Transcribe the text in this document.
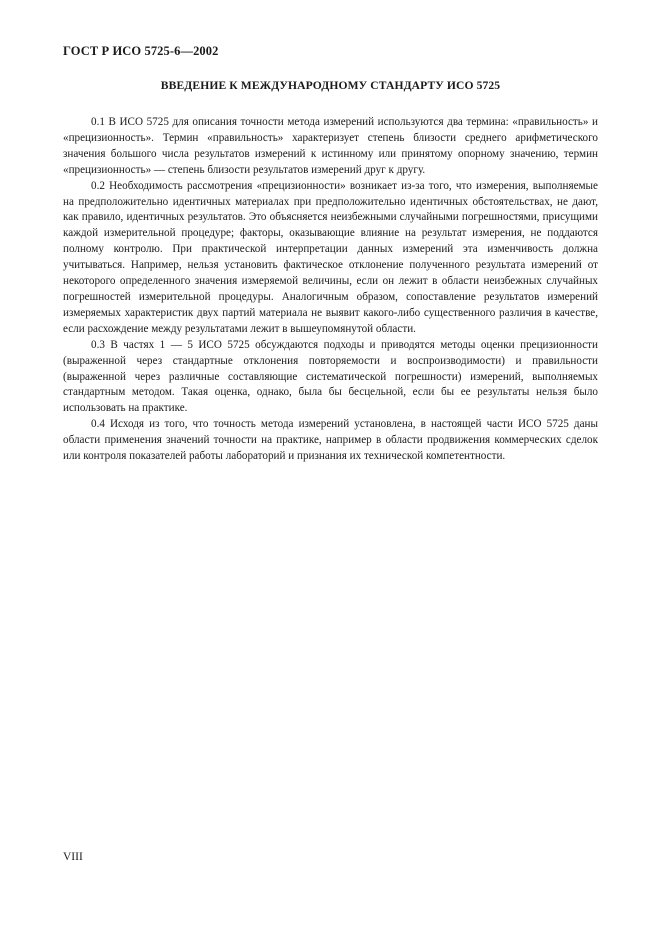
ГОСТ Р ИСО 5725-6—2002
ВВЕДЕНИЕ К МЕЖДУНАРОДНОМУ СТАНДАРТУ ИСО 5725

0.1 В ИСО 5725 для описания точности метода измерений используются два термина: «правильность» и «прецизионность». Термин «правильность» характеризует степень близости среднего арифметического значения большого числа результатов измерений к истинному или принятому опорному значению, термин «прецизионность» — степень близости результатов измерений друг к другу.

0.2 Необходимость рассмотрения «прецизионности» возникает из-за того, что измерения, выполняемые на предположительно идентичных материалах при предположительно идентичных обстоятельствах, не дают, как правило, идентичных результатов. Это объясняется неизбежными случайными погрешностями, присущими каждой измерительной процедуре; факторы, оказывающие влияние на результат измерения, не поддаются полному контролю. При практической интерпретации данных измерений эта изменчивость должна учитываться. Например, нельзя установить фактическое отклонение полученного результата измерений от некоторого определенного значения измеряемой величины, если он лежит в области неизбежных случайных погрешностей измерительной процедуры. Аналогичным образом, сопоставление результатов измерений измеряемых характеристик двух партий материала не выявит какого-либо существенного различия в качестве, если расхождение между результатами лежит в вышеупомянутой области.

0.3 В частях 1 — 5 ИСО 5725 обсуждаются подходы и приводятся методы оценки прецизионности (выраженной через стандартные отклонения повторяемости и воспроизводимости) и правильности (выраженной через различные составляющие систематической погрешности) измерений, выполняемых стандартным методом. Такая оценка, однако, была бы бесцельной, если бы ее результаты нельзя было использовать на практике.

0.4 Исходя из того, что точность метода измерений установлена, в настоящей части ИСО 5725 даны области применения значений точности на практике, например в области продвижения коммерческих сделок или контроля показателей работы лабораторий и признания их технической компетентности.

VIII
